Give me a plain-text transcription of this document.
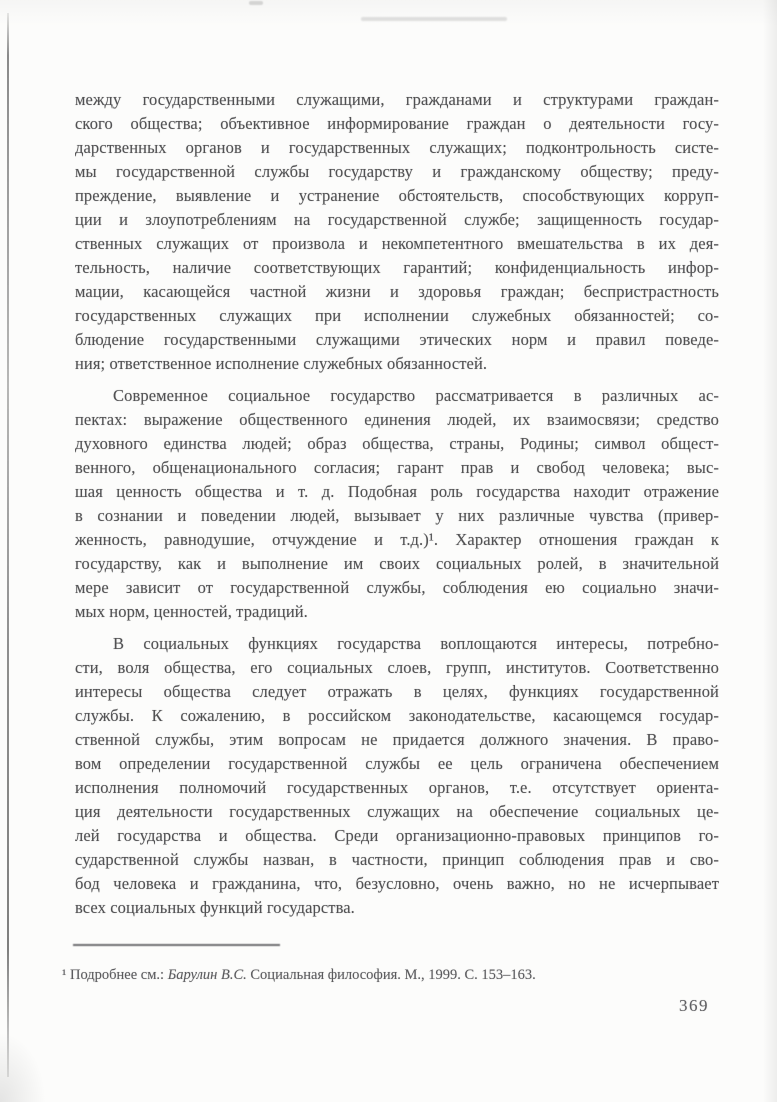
между государственными служащими, гражданами и структурами граждан-
ского общества; объективное информирование граждан о деятельности госу-
дарственных органов и государственных служащих; подконтрольность систе-
мы государственной службы государству и гражданскому обществу; преду-
преждение, выявление и устранение обстоятельств, способствующих корруп-
ции и злоупотреблениям на государственной службе; защищенность государ-
ственных служащих от произвола и некомпетентного вмешательства в их дея-
тельность, наличие соответствующих гарантий; конфиденциальность инфор-
мации, касающейся частной жизни и здоровья граждан; беспристрастность
государственных служащих при исполнении служебных обязанностей; со-
блюдение государственными служащими этических норм и правил поведе-
ния; ответственное исполнение служебных обязанностей.
Современное социальное государство рассматривается в различных ас-
пектах: выражение общественного единения людей, их взаимосвязи; средство
духовного единства людей; образ общества, страны, Родины; символ общест-
венного, общенационального согласия; гарант прав и свобод человека; выс-
шая ценность общества и т. д. Подобная роль государства находит отражение
в сознании и поведении людей, вызывает у них различные чувства (привер-
женность, равнодушие, отчуждение и т.д.)¹. Характер отношения граждан к
государству, как и выполнение им своих социальных ролей, в значительной
мере зависит от государственной службы, соблюдения ею социально значи-
мых норм, ценностей, традиций.
В социальных функциях государства воплощаются интересы, потребно-
сти, воля общества, его социальных слоев, групп, институтов. Соответственно
интересы общества следует отражать в целях, функциях государственной
службы. К сожалению, в российском законодательстве, касающемся государ-
ственной службы, этим вопросам не придается должного значения. В право-
вом определении государственной службы ее цель ограничена обеспечением
исполнения полномочий государственных органов, т.е. отсутствует ориента-
ция деятельности государственных служащих на обеспечение социальных це-
лей государства и общества. Среди организационно-правовых принципов го-
сударственной службы назван, в частности, принцип соблюдения прав и сво-
бод человека и гражданина, что, безусловно, очень важно, но не исчерпывает
всех социальных функций государства.
¹ Подробнее см.: Барулин В.С. Социальная философия. М., 1999. С. 153–163.
369
